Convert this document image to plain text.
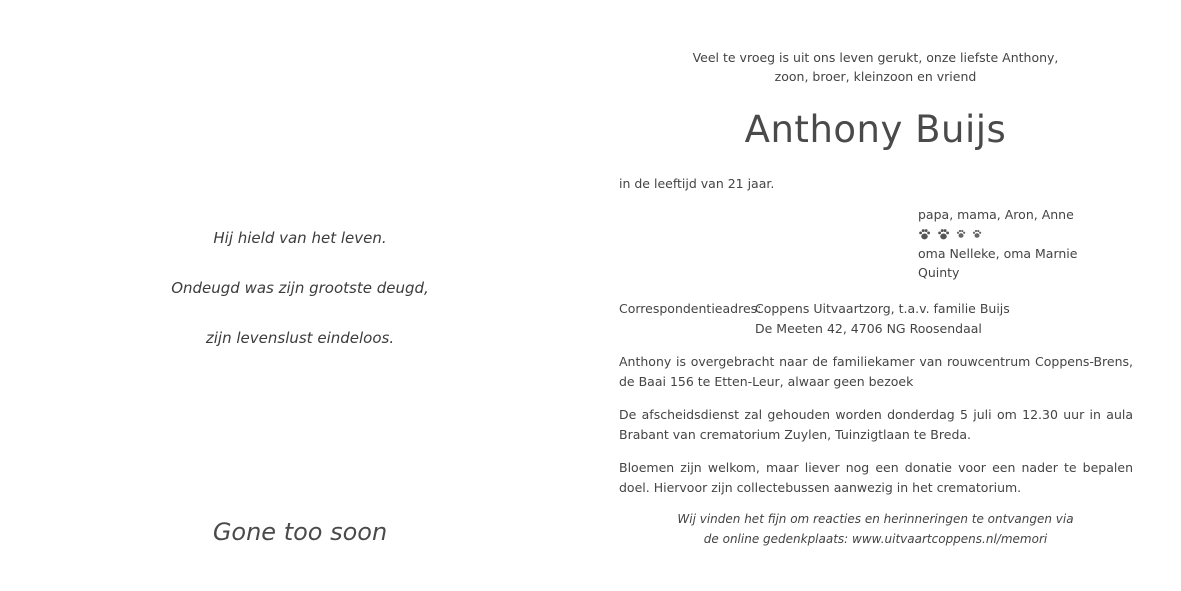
Hij hield van het leven.
Ondeugd was zijn grootste deugd,
zijn levenslust eindeloos.
Gone too soon
Veel te vroeg is uit ons leven gerukt, onze liefste Anthony,
zoon, broer, kleinzoon en vriend
Anthony Buijs
in de leeftijd van 21 jaar.
papa, mama, Aron, Anne
oma Nelleke, oma Marnie
Quinty
Correspondentieadres:
Coppens Uitvaartzorg, t.a.v. familie Buijs
De Meeten 42, 4706 NG Roosendaal
Anthony is overgebracht naar de familiekamer van rouwcentrum Coppens-Brens, de Baai 156 te Etten-Leur, alwaar geen bezoek
De afscheidsdienst zal gehouden worden donderdag 5 juli om 12.30 uur in aula Brabant van crematorium Zuylen, Tuinzigtlaan te Breda.
Bloemen zijn welkom, maar liever nog een donatie voor een nader te bepalen doel. Hiervoor zijn collectebussen aanwezig in het crematorium.
Wij vinden het fijn om reacties en herinneringen te ontvangen via
de online gedenkplaats: www.uitvaartcoppens.nl/memori
